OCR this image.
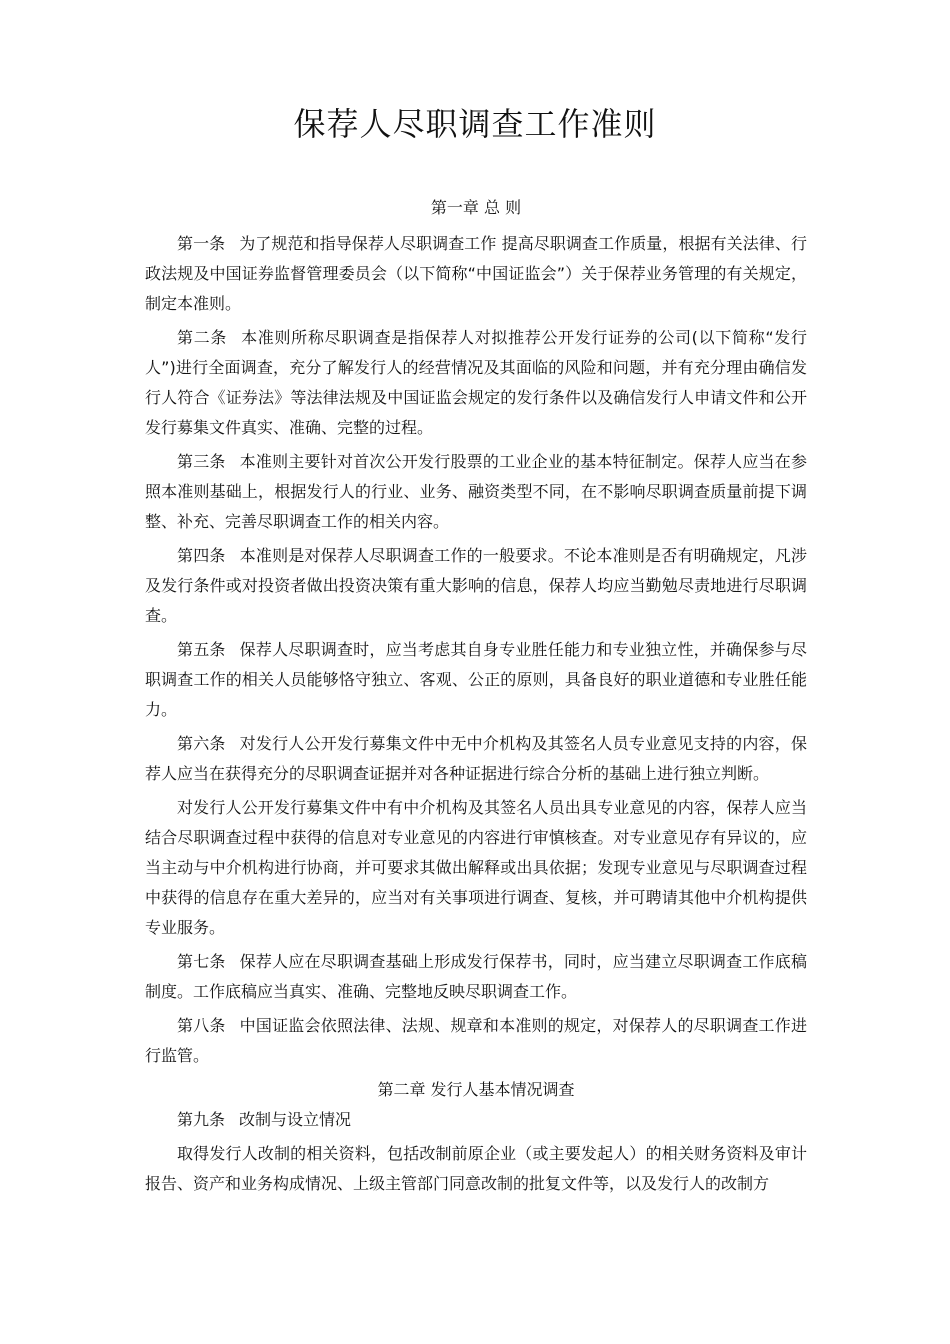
保荐人尽职调查工作准则
第一章 总 则

第一条 为了规范和指导保荐人尽职调查工作 提高尽职调查工作质量，根据有关法律、行政法规及中国证券监督管理委员会（以下简称“中国证监会”）关于保荐业务管理的有关规定，制定本准则。

第二条 本准则所称尽职调查是指保荐人对拟推荐公开发行证券的公司(以下简称“发行人”)进行全面调查，充分了解发行人的经营情况及其面临的风险和问题，并有充分理由确信发行人符合《证券法》等法律法规及中国证监会规定的发行条件以及确信发行人申请文件和公开发行募集文件真实、准确、完整的过程。

第三条 本准则主要针对首次公开发行股票的工业企业的基本特征制定。保荐人应当在参照本准则基础上，根据发行人的行业、业务、融资类型不同，在不影响尽职调查质量前提下调整、补充、完善尽职调查工作的相关内容。

第四条 本准则是对保荐人尽职调查工作的一般要求。不论本准则是否有明确规定，凡涉及发行条件或对投资者做出投资决策有重大影响的信息，保荐人均应当勤勉尽责地进行尽职调查。

第五条 保荐人尽职调查时，应当考虑其自身专业胜任能力和专业独立性，并确保参与尽职调查工作的相关人员能够恪守独立、客观、公正的原则，具备良好的职业道德和专业胜任能力。

第六条 对发行人公开发行募集文件中无中介机构及其签名人员专业意见支持的内容，保荐人应当在获得充分的尽职调查证据并对各种证据进行综合分析的基础上进行独立判断。

对发行人公开发行募集文件中有中介机构及其签名人员出具专业意见的内容，保荐人应当结合尽职调查过程中获得的信息对专业意见的内容进行审慎核查。对专业意见存有异议的，应当主动与中介机构进行协商，并可要求其做出解释或出具依据；发现专业意见与尽职调查过程中获得的信息存在重大差异的，应当对有关事项进行调查、复核，并可聘请其他中介机构提供专业服务。

第七条 保荐人应在尽职调查基础上形成发行保荐书，同时，应当建立尽职调查工作底稿制度。工作底稿应当真实、准确、完整地反映尽职调查工作。

第八条 中国证监会依照法律、法规、规章和本准则的规定，对保荐人的尽职调查工作进行监管。

第二章 发行人基本情况调查

第九条 改制与设立情况

取得发行人改制的相关资料，包括改制前原企业（或主要发起人）的相关财务资料及审计报告、资产和业务构成情况、上级主管部门同意改制的批复文件等，以及发行人的改制方
